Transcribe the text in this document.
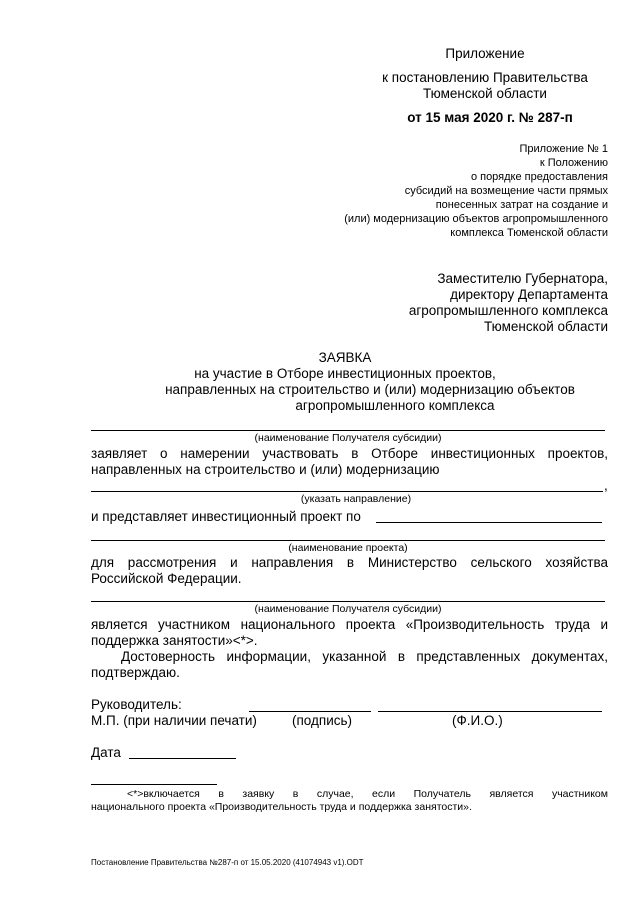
Приложение
к постановлению Правительства
Тюменской области
от 15 мая 2020 г. № 287-п
Приложение № 1
к Положению
о порядке предоставления
субсидий на возмещение части прямых
понесенных затрат на создание и
(или) модернизацию объектов агропромышленного
комплекса Тюменской области
Заместителю Губернатора,
директору Департамента
агропромышленного комплекса
Тюменской области
ЗАЯВКА
на участие в Отборе инвестиционных проектов,
направленных на строительство и (или) модернизацию объектов
агропромышленного комплекса
(наименование Получателя субсидии)
заявляет о намерении участвовать в Отборе инвестиционных проектов,
направленных на строительство и (или) модернизацию
,
(указать направление)
и представляет инвестиционный проект по
(наименование проекта)
для рассмотрения и направления в Министерство сельского хозяйства
Российской Федерации.
(наименование Получателя субсидии)
является участником национального проекта «Производительность труда и
поддержка занятости»<*>.
Достоверность информации, указанной в представленных документах,
подтверждаю.
Руководитель:
М.П. (при наличии печати)	(подпись)	(Ф.И.О.)
Дата
<*>включается в заявку в случае, если Получатель является участником
национального проекта «Производительность труда и поддержка занятости».
Постановление Правительства №287-п от 15.05.2020 (41074943 v1).ODT
